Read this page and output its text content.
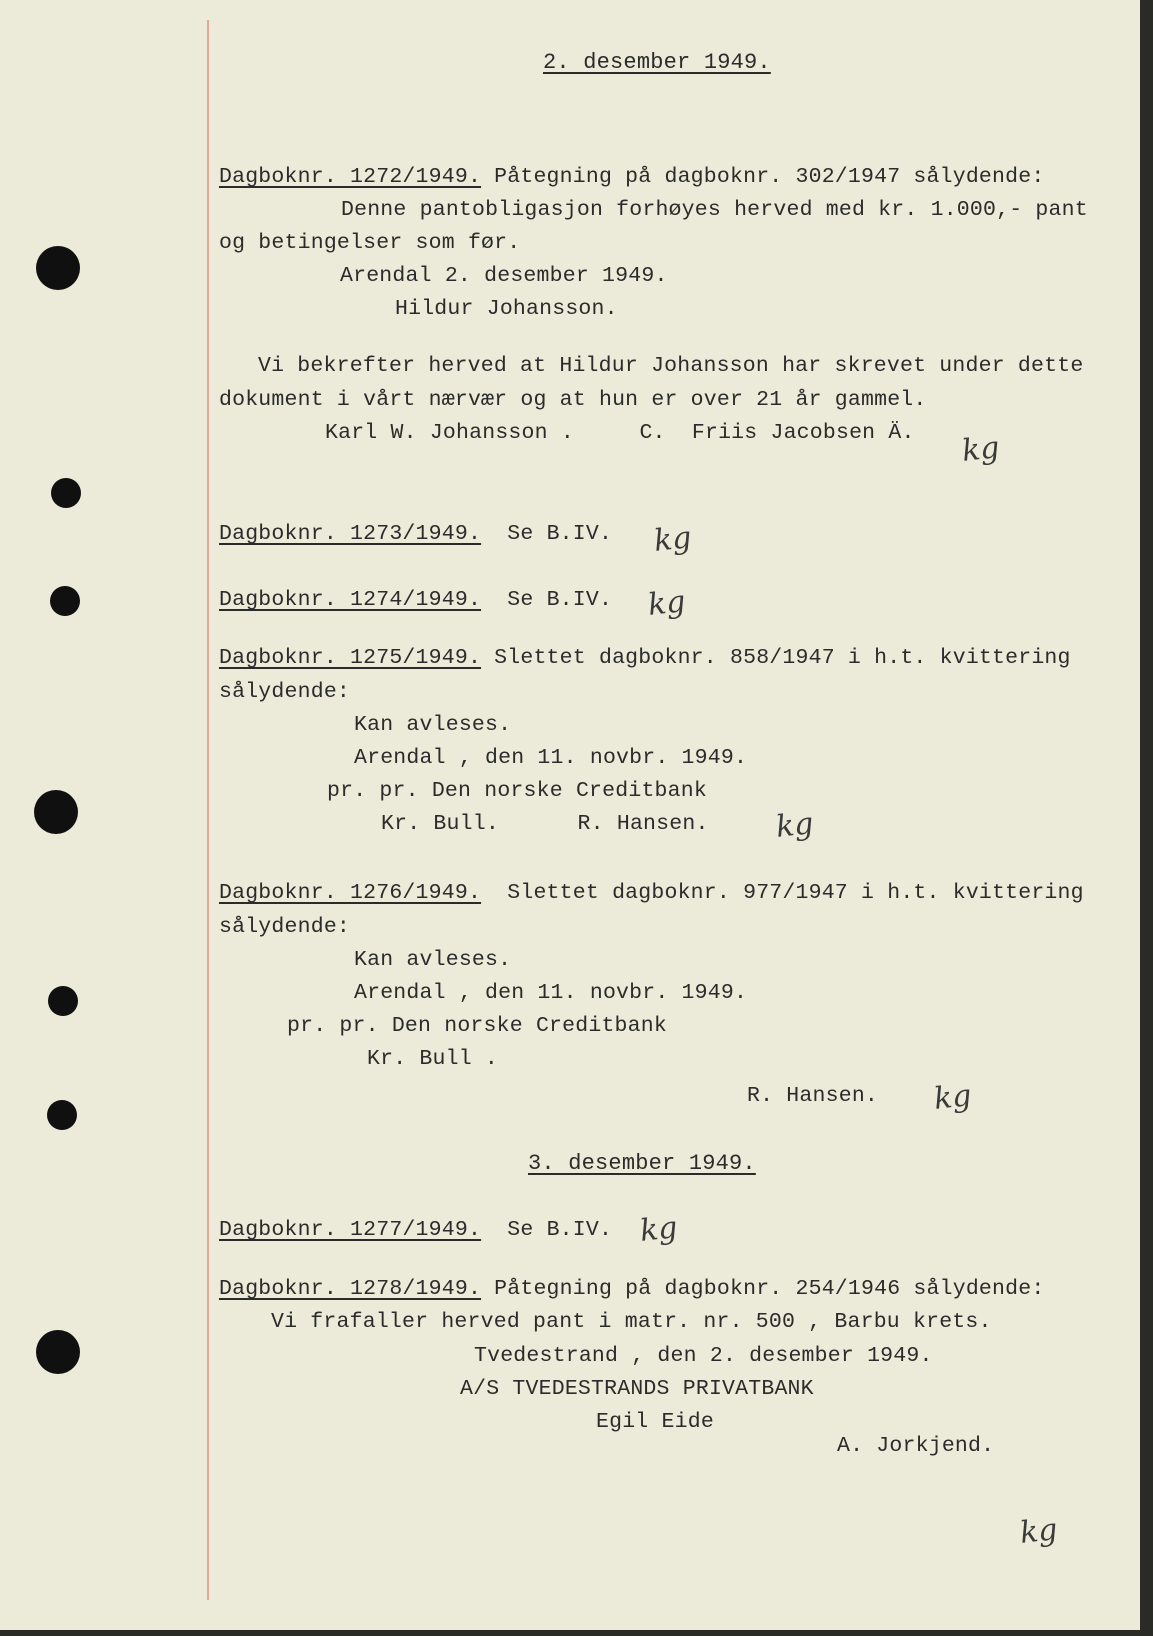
2. desember 1949.
Dagboknr. 1272/1949. Påtegning på dagboknr. 302/1947 sålydende:
Denne pantobligasjon forhøyes herved med kr. 1.000,- pant
og betingelser som før.
Arendal 2. desember 1949.
Hildur Johansson.
Vi bekrefter herved at Hildur Johansson har skrevet under dette
dokument i vårt nærvær og at hun er over 21 år gammel.
Karl W. Johansson .     C.  Friis Jacobsen Ä. kg
Dagboknr. 1273/1949. Se B.IV. kg
Dagboknr. 1274/1949. Se B.IV. kg
Dagboknr. 1275/1949. Slettet dagboknr. 858/1947 i h.t. kvittering
sålydende:
Kan avleses.
Arendal , den 11. novbr. 1949.
pr. pr. Den norske Creditbank
Kr. Bull.      R. Hansen. kg
Dagboknr. 1276/1949.  Slettet dagboknr. 977/1947 i h.t. kvittering
sålydende:
Kan avleses.
Arendal , den 11. novbr. 1949.
pr. pr. Den norske Creditbank
Kr. Bull .
R. Hansen. kg
3. desember 1949.
Dagboknr. 1277/1949. Se B.IV. kg
Dagboknr. 1278/1949. Påtegning på dagboknr. 254/1946 sålydende:
Vi frafaller herved pant i matr. nr. 500 , Barbu krets.
Tvedestrand , den 2. desember 1949.
A/S TVEDESTRANDS PRIVATBANK
Egil Eide
A. Jorkjend.
kg
